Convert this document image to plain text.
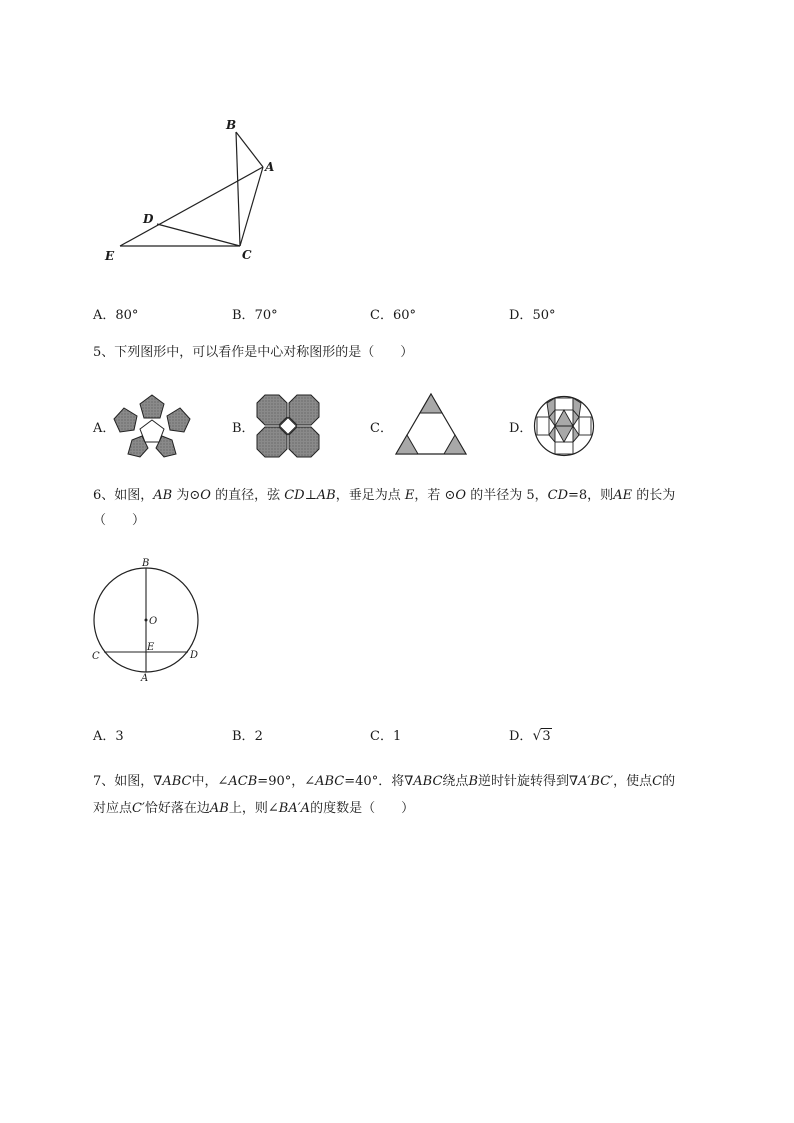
B
A
D
E	C
A．80°	B．70°	C．60°	D．50°
5、下列图形中，可以看作是中心对称图形的是（　　）
A．	B．	C．	D．
6、如图，AB 为⊙O 的直径，弦 CD⊥AB，垂足为点 E，若 ⊙O 的半径为 5，CD=8，则AE 的长为
（　　）
B
O
E
C	D
A
A．3	B．2	C．1	D．√3
7、如图，∇ABC中，∠ACB=90°，∠ABC=40°．将∇ABC绕点B逆时针旋转得到∇A′BC′，使点C的
对应点C′恰好落在边AB上，则∠BA′A的度数是（　　）
